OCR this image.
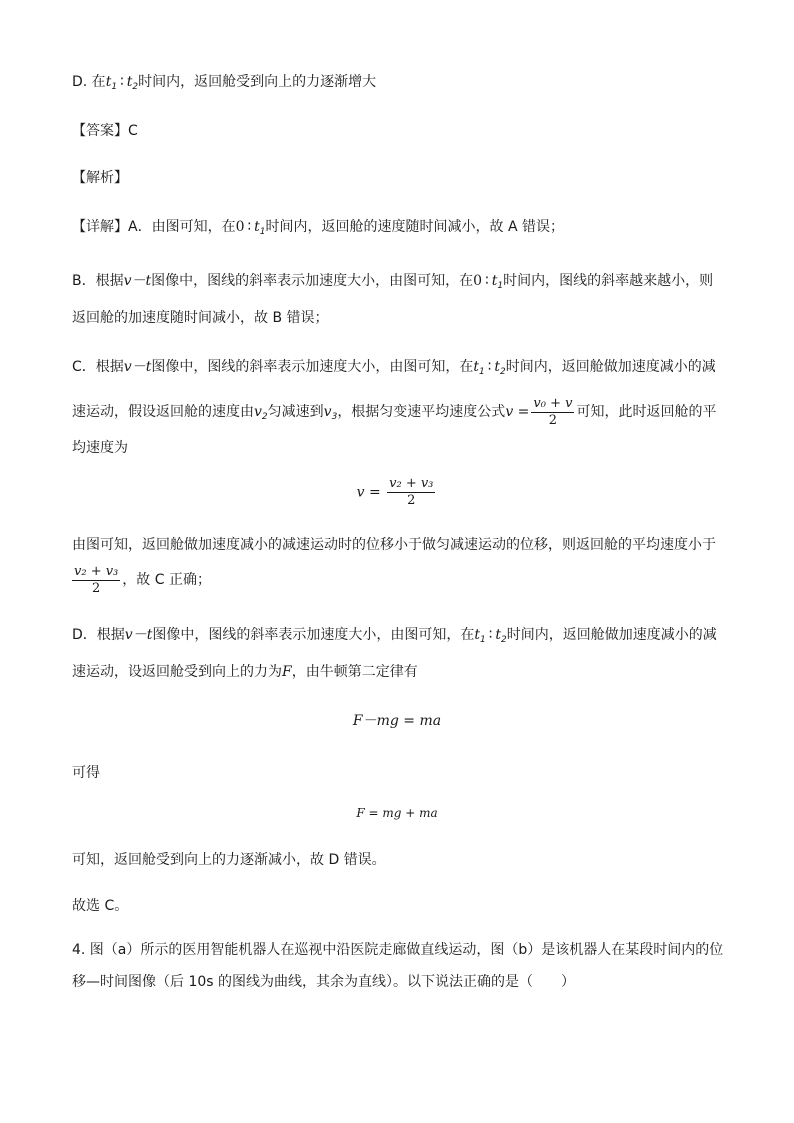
D. 在$t_1$ ∶ $t_2$时间内，返回舱受到向上的力逐渐增大
【答案】C
【解析】
【详解】A．由图可知，在0 ∶ $t_1$时间内，返回舱的速度随时间减小，故 A 错误；
B．根据v－t图像中，图线的斜率表示加速度大小，由图可知，在0 ∶ $t_1$时间内，图线的斜率越来越小，则
返回舱的加速度随时间减小，故 B 错误；
C．根据v－t图像中，图线的斜率表示加速度大小，由图可知，在$t_1$ ∶ $t_2$时间内，返回舱做加速度减小的减
速运动，假设返回舱的速度由$v_2$匀减速到$v_3$，根据匀变速平均速度公式$v = \frac{\text{v₀ + v}}{2}$ 可知，此时返回舱的平
均速度为
$v = \frac{\text{v₂ + v₃}}{2}$
由图可知，返回舱做加速度减小的减速运动时的位移小于做匀减速运动的位移，则返回舱的平均速度小于
$\frac{\text{v₂ + v₃}}{2}$ ，故 C 正确；
D．根据v－t图像中，图线的斜率表示加速度大小，由图可知，在$t_1$ ∶ $t_2$时间内，返回舱做加速度减小的减
速运动，设返回舱受到向上的力为F，由牛顿第二定律有
F－mg = ma
可得
F = mg + ma
可知，返回舱受到向上的力逐渐减小，故 D 错误。
故选 C。
4. 图（a）所示的医用智能机器人在巡视中沿医院走廊做直线运动，图（b）是该机器人在某段时间内的位
移—时间图像（后 10s 的图线为曲线，其余为直线）。以下说法正确的是（　　）
